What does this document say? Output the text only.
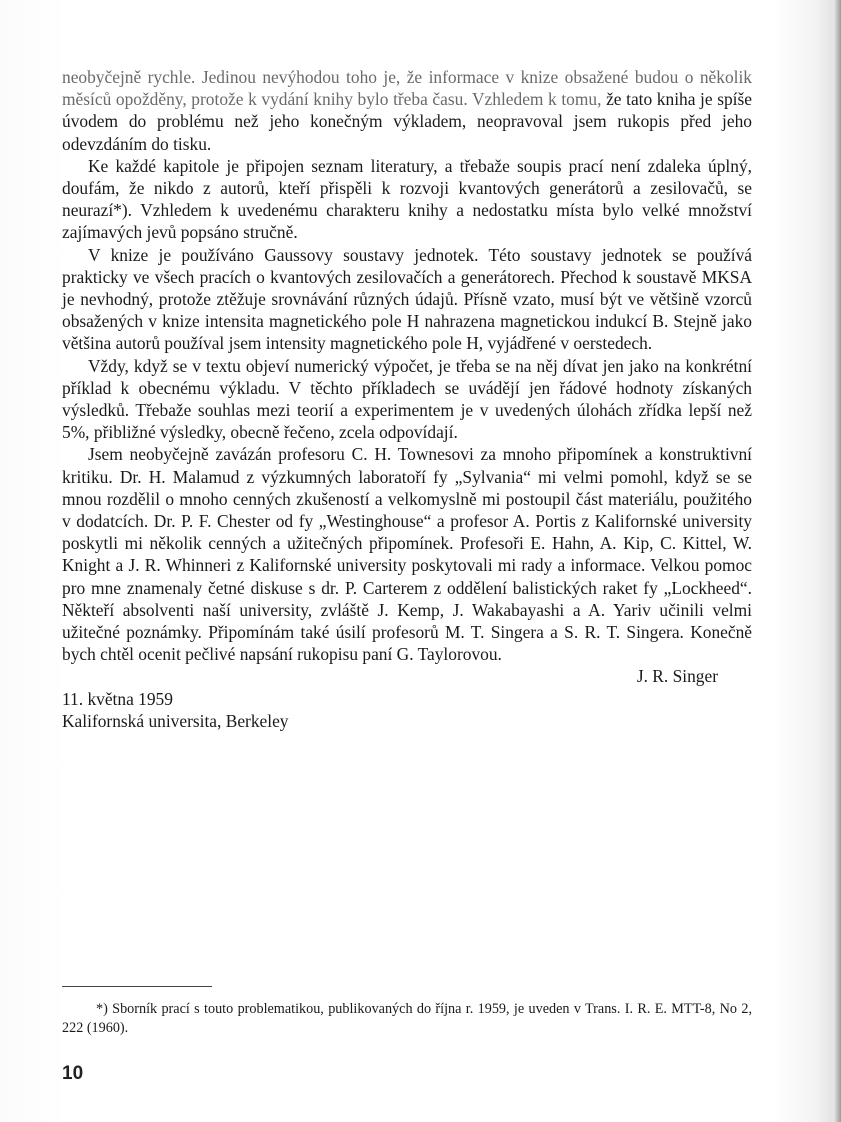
neobyčejně rychle. Jedinou nevýhodou toho je, že informace v knize obsažené budou o několik měsíců opožděny, protože k vydání knihy bylo třeba času. Vzhledem k tomu, že tato kniha je spíše úvodem do problému než jeho konečným výkladem, neopravoval jsem rukopis před jeho odevzdáním do tisku.

Ke každé kapitole je připojen seznam literatury, a třebaže soupis prací není zdaleka úplný, doufám, že nikdo z autorů, kteří přispěli k rozvoji kvantových generátorů a zesilovačů, se neurazí*). Vzhledem k uvedenému charakteru knihy a nedostatku místa bylo velké množství zajímavých jevů popsáno stručně.

V knize je používáno Gaussovy soustavy jednotek. Této soustavy jednotek se používá prakticky ve všech pracích o kvantových zesilovačích a generátorech. Přechod k soustavě MKSA je nevhodný, protože ztěžuje srovnávání různých údajů. Přísně vzato, musí být ve většině vzorců obsažených v knize intensita magnetického pole H nahrazena magnetickou indukcí B. Stejně jako většina autorů používal jsem intensity magnetického pole H, vyjádřené v oerstedech.

Vždy, když se v textu objeví numerický výpočet, je třeba se na něj dívat jen jako na konkrétní příklad k obecnému výkladu. V těchto příkladech se uvádějí jen řádové hodnoty získaných výsledků. Třebaže souhlas mezi teorií a experimentem je v uvedených úlohách zřídka lepší než 5%, přibližné výsledky, obecně řečeno, zcela odpovídají.

Jsem neobyčejně zavázán profesoru C. H. Townesovi za mnoho připomínek a konstruktivní kritiku. Dr. H. Malamud z výzkumných laboratoří fy „Sylvania“ mi velmi pomohl, když se se mnou rozdělil o mnoho cenných zkušeností a velkomyslně mi postoupil část materiálu, použitého v dodatcích. Dr. P. F. Chester od fy „Westinghouse“ a profesor A. Portis z Kalifornské university poskytli mi několik cenných a užitečných připomínek. Profesoři E. Hahn, A. Kip, C. Kittel, W. Knight a J. R. Whinneri z Kalifornské university poskytovali mi rady a informace. Velkou pomoc pro mne znamenaly četné diskuse s dr. P. Carterem z oddělení balistických raket fy „Lockheed“. Někteří absolventi naší university, zvláště J. Kemp, J. Wakabayashi a A. Yariv učinili velmi užitečné poznámky. Připomínám také úsilí profesorů M. T. Singera a S. R. T. Singera. Konečně bych chtěl ocenit pečlivé napsání rukopisu paní G. Taylorovou.

J. R. Singer
11. května 1959
Kalifornská universita, Berkeley
*) Sborník prací s touto problematikou, publikovaných do října r. 1959, je uveden v Trans. I. R. E. MTT-8, No 2, 222 (1960).
10
